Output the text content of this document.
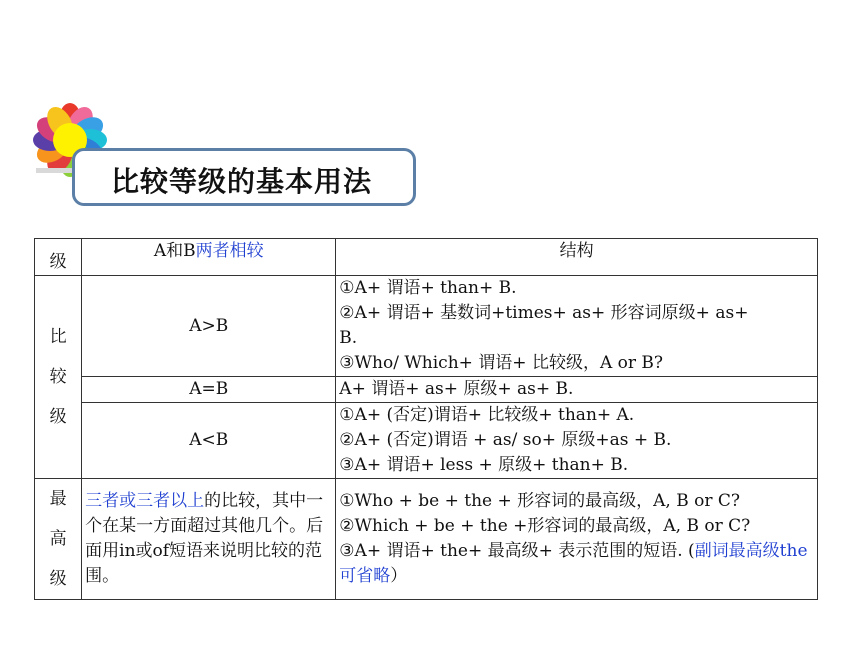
比较等级的基本用法
级	A和B两者相较	结构

比
较
级	A>B	①A+ 谓语+ than+ B.
②A+ 谓语+ 基数词+times+ as+ 形容词原级+ as+
B.
③Who/ Which+ 谓语+ 比较级，A or B?

	A=B	A+ 谓语+ as+ 原级+ as+ B.

	A<B	①A+ (否定)谓语+ 比较级+ than+ A.
②A+ (否定)谓语 + as/ so+ 原级+as + B.
③A+ 谓语+ less + 原级+ than+ B.

最
高
级	三者或三者以上的比较，其中一个在某一方面超过其他几个。后面用in或of短语来说明比较的范围。	①Who + be + the + 形容词的最高级，A, B or C?
②Which + be + the +形容词的最高级，A, B or C?
③A+ 谓语+ the+ 最高级+ 表示范围的短语. (副词最高级the可省略）
